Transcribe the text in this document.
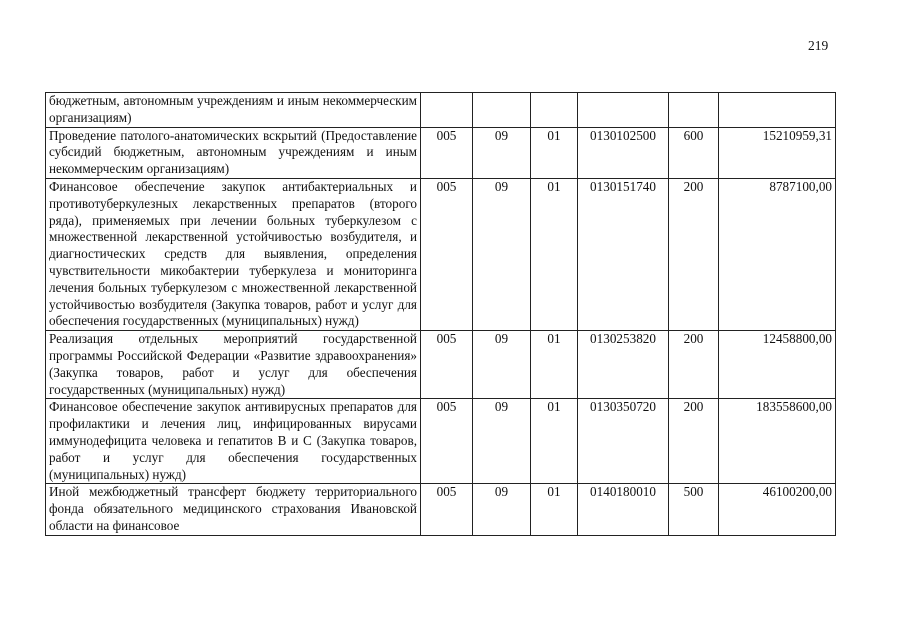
219
бюджетным, автономным учреждениям и иным некоммерческим организациям)						
Проведение патолого-анатомических вскрытий (Предоставление субсидий бюджетным, автономным учреждениям и иным некоммерческим организациям)	005	09	01	0130102500	600	15210959,31
Финансовое обеспечение закупок антибактериальных и противотуберкулезных лекарственных препаратов (второго ряда), применяемых при лечении больных туберкулезом с множественной лекарственной устойчивостью возбудителя, и диагностических средств для выявления, определения чувствительности микобактерии туберкулеза и мониторинга лечения больных туберкулезом с множественной лекарственной устойчивостью возбудителя (Закупка товаров, работ и услуг для обеспечения государственных (муниципальных) нужд)	005	09	01	0130151740	200	8787100,00
Реализация отдельных мероприятий государственной программы Российской Федерации «Развитие здравоохранения» (Закупка товаров, работ и услуг для обеспечения государственных (муниципальных) нужд)	005	09	01	0130253820	200	12458800,00
Финансовое обеспечение закупок антивирусных препаратов для профилактики и лечения лиц, инфицированных вирусами иммунодефицита человека и гепатитов В и С (Закупка товаров, работ и услуг для обеспечения государственных (муниципальных) нужд)	005	09	01	0130350720	200	183558600,00
Иной межбюджетный трансферт бюджету территориального фонда обязательного медицинского страхования Ивановской области на финансовое	005	09	01	0140180010	500	46100200,00
